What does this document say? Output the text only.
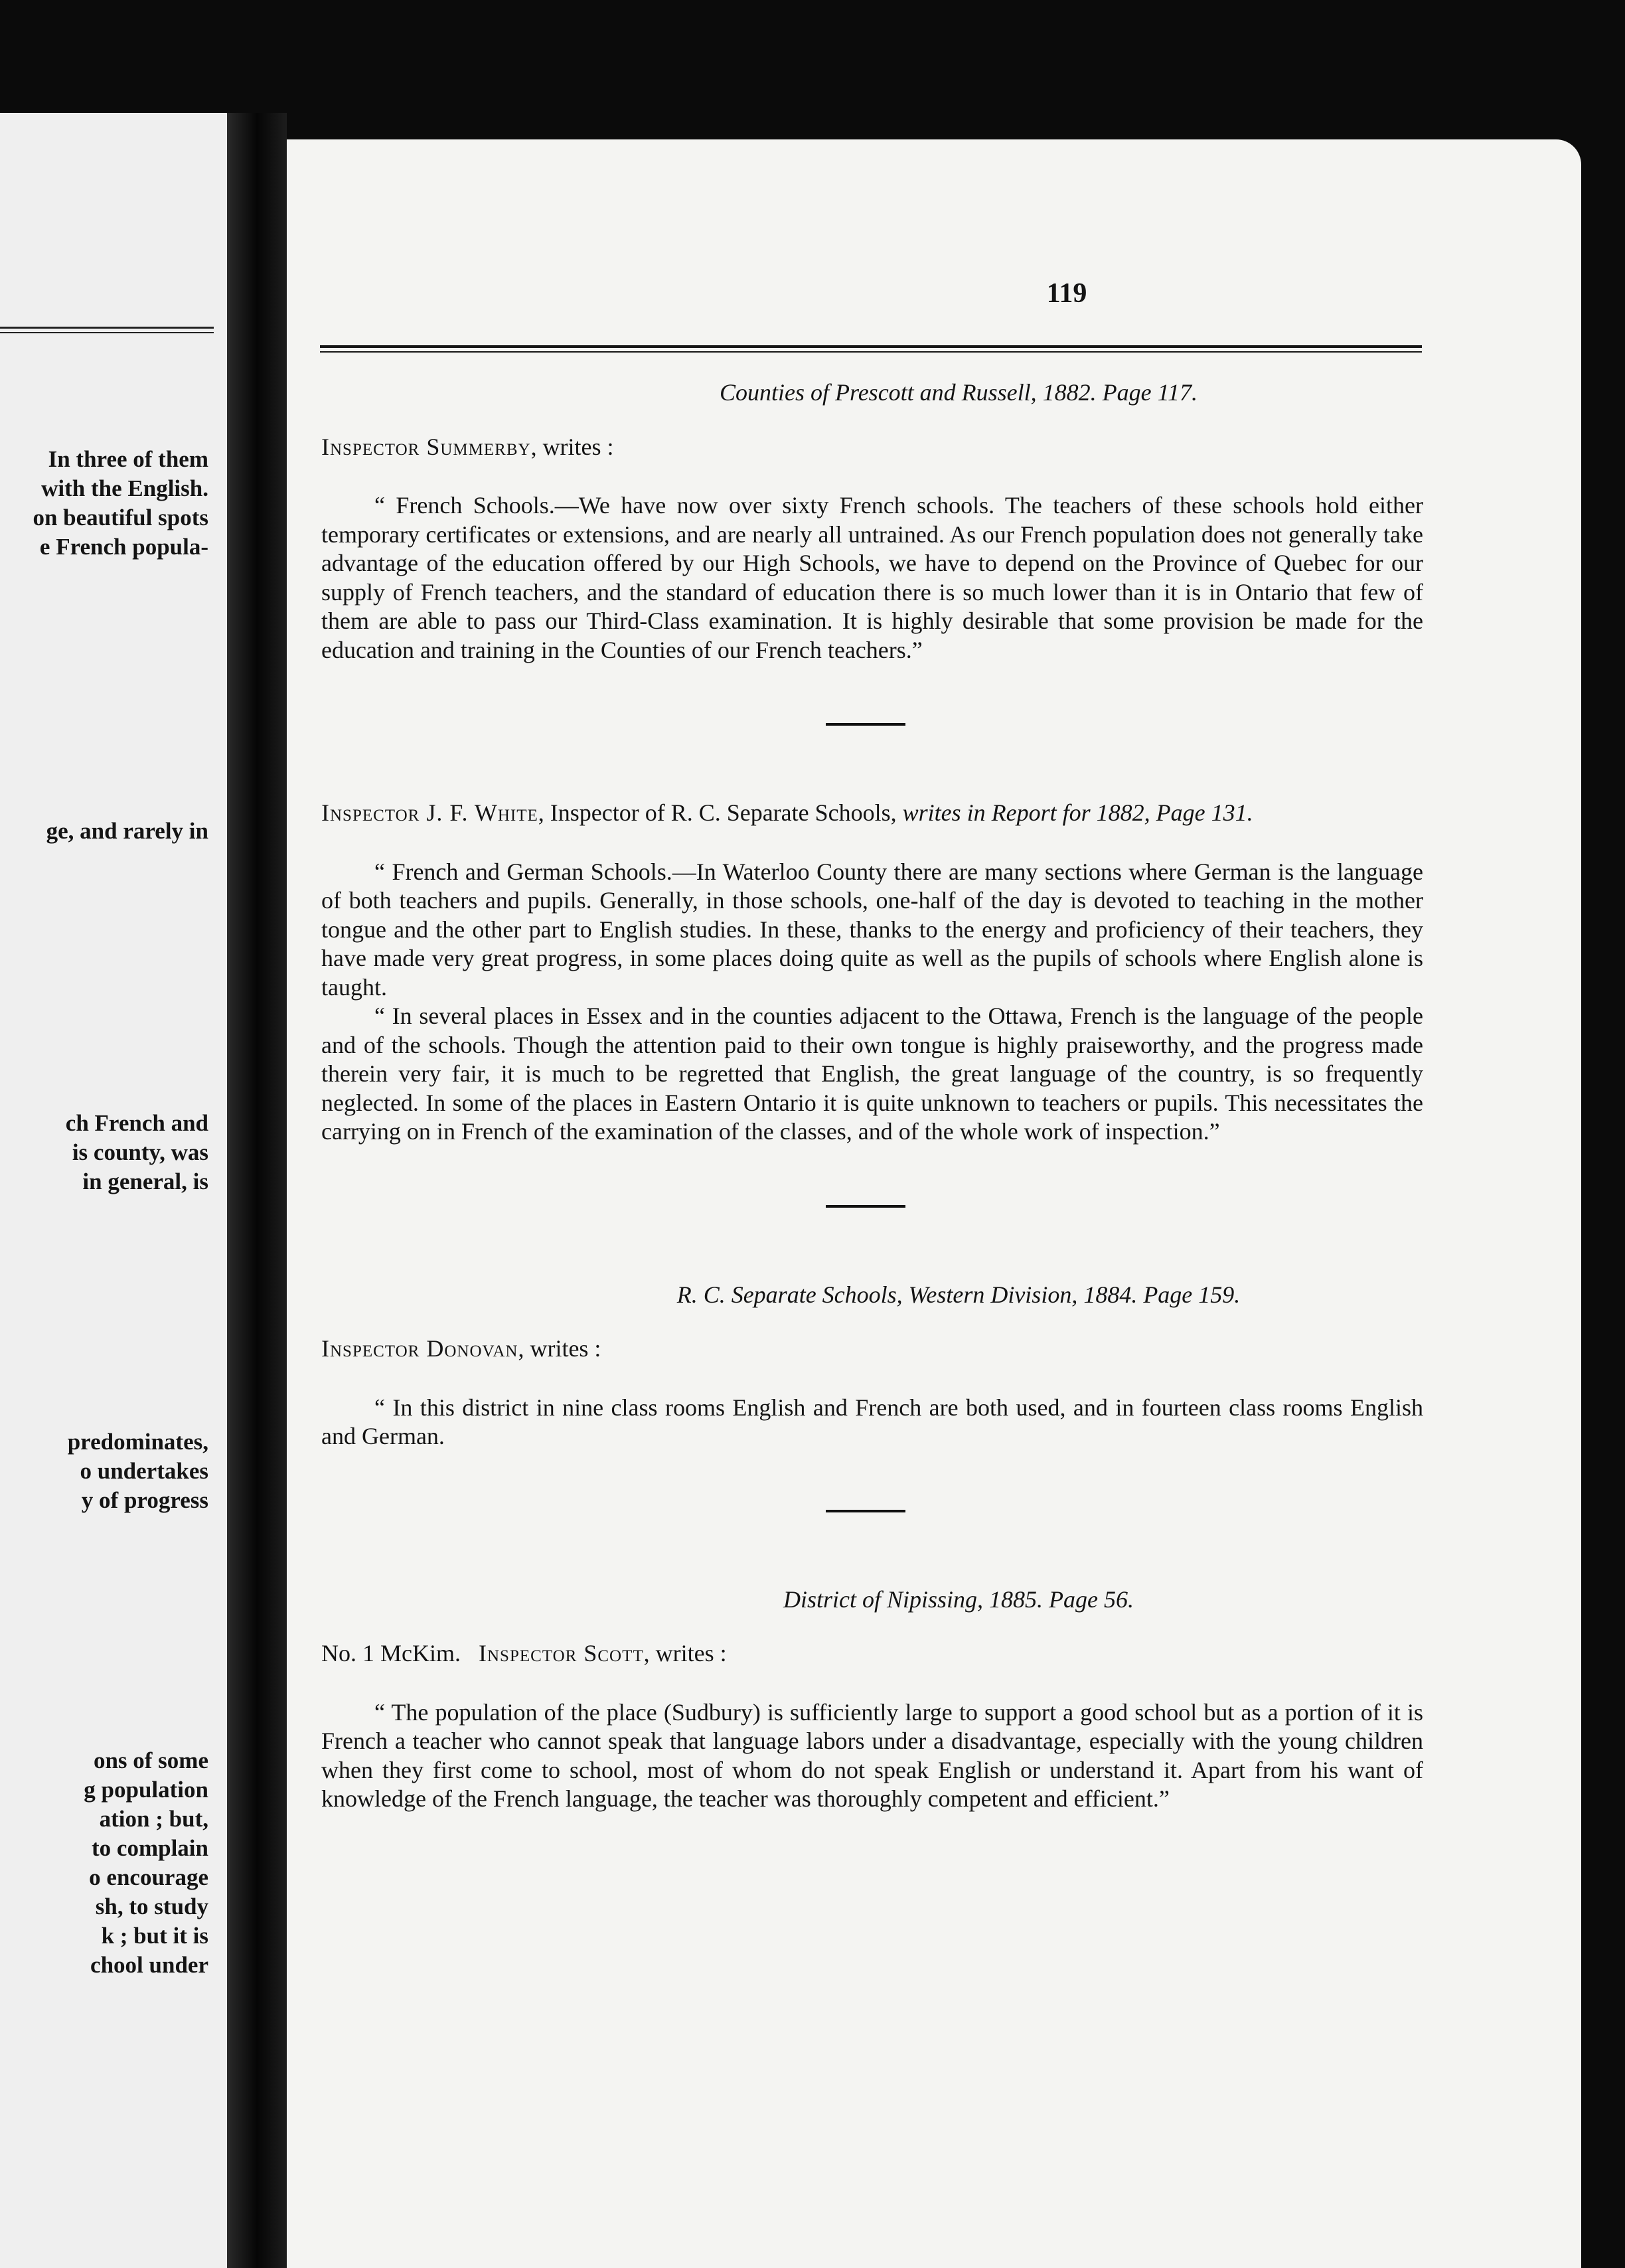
In three of them
with the English.
on beautiful spots
e French popula-
ge, and rarely in
ch French and
is county, was
in general, is
predominates,
o undertakes
y of progress
ons of some
g population
ation ; but,
to complain
o encourage
sh, to study
k ; but it is
chool under
119

Counties of Prescott and Russell, 1882. Page 117.

Inspector Summerby, writes :

“ French Schools.—We have now over sixty French schools. The teachers of these schools hold either temporary certificates or extensions, and are nearly all untrained. As our French population does not generally take advantage of the education offered by our High Schools, we have to depend on the Province of Quebec for our supply of French teachers, and the standard of education there is so much lower than it is in Ontario that few of them are able to pass our Third-Class examination. It is highly desirable that some provision be made for the education and training in the Counties of our French teachers.”

Inspector J. F. White, Inspector of R. C. Separate Schools, writes in Report for 1882, Page 131.

“ French and German Schools.—In Waterloo County there are many sections where German is the language of both teachers and pupils. Generally, in those schools, one-half of the day is devoted to teaching in the mother tongue and the other part to English studies. In these, thanks to the energy and proficiency of their teachers, they have made very great progress, in some places doing quite as well as the pupils of schools where English alone is taught.

“ In several places in Essex and in the counties adjacent to the Ottawa, French is the language of the people and of the schools. Though the attention paid to their own tongue is highly praiseworthy, and the progress made therein very fair, it is much to be regretted that English, the great language of the country, is so frequently neglected. In some of the places in Eastern Ontario it is quite unknown to teachers or pupils. This necessitates the carrying on in French of the examination of the classes, and of the whole work of inspection.”

R. C. Separate Schools, Western Division, 1884. Page 159.

Inspector Donovan, writes :

“ In this district in nine class rooms English and French are both used, and in fourteen class rooms English and German.

District of Nipissing, 1885. Page 56.

No. 1 McKim.   Inspector Scott, writes :

“ The population of the place (Sudbury) is sufficiently large to support a good school but as a portion of it is French a teacher who cannot speak that language labors under a disadvantage, especially with the young children when they first come to school, most of whom do not speak English or understand it. Apart from his want of knowledge of the French language, the teacher was thoroughly competent and efficient.”
